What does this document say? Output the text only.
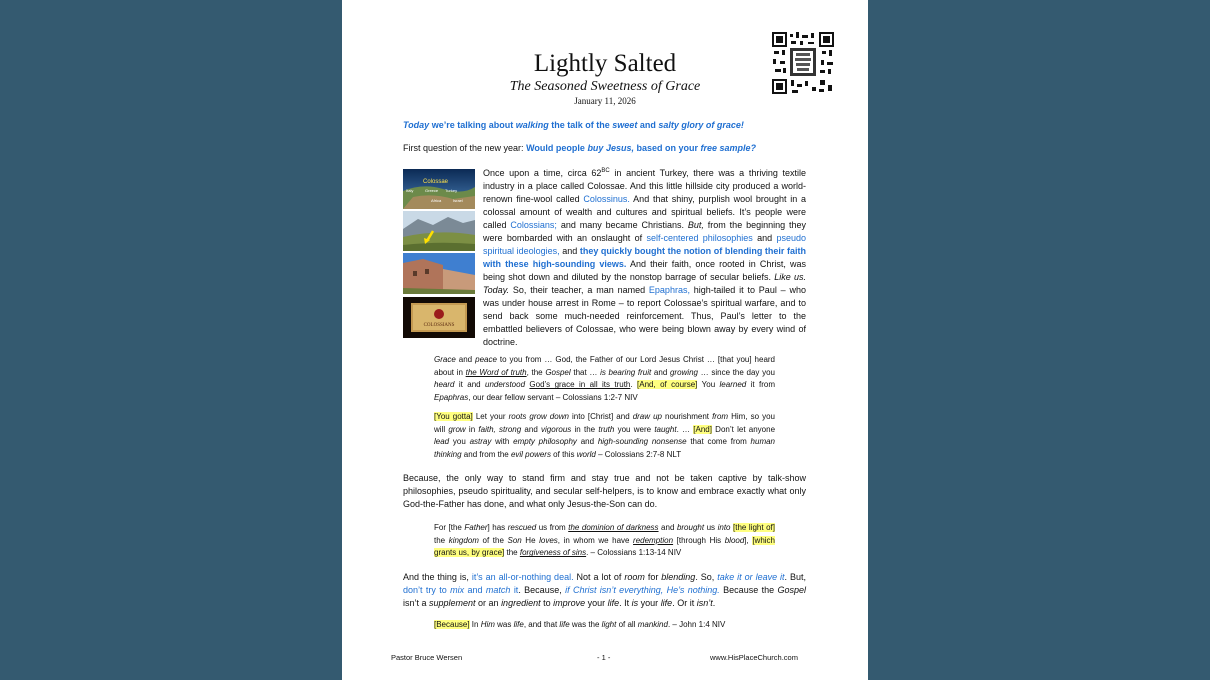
Lightly Salted
The Seasoned Sweetness of Grace
January 11, 2026
Today we’re talking about walking the talk of the sweet and salty glory of grace!
First question of the new year: Would people buy Jesus, based on your free sample?
Colossae
Italy	Greece Turkey
Africa	Israel
COLOSSIANS
Once upon a time, circa $62^{BC}$ in ancient Turkey, there was a thriving textile industry in a place called Colossae. And this little hillside city produced a world-renown fine-wool called Colossinus. And that shiny, purplish wool brought in a colossal amount of wealth and cultures and spiritual beliefs. It’s people were called Colossians; and many became Christians. But, from the beginning they were bombarded with an onslaught of self-centered philosophies and pseudo spiritual ideologies, and they quickly bought the notion of blending their faith with these high-sounding views. And their faith, once rooted in Christ, was being shot down and diluted by the nonstop barrage of secular beliefs. Like us. Today. So, their teacher, a man named Epaphras, high-tailed it to Paul – who was under house arrest in Rome – to report Colossae’s spiritual warfare, and to send back some much-needed reinforcement. Thus, Paul’s letter to the embattled believers of Colossae, who were being blown away by every wind of doctrine.
Grace and peace to you from … God, the Father of our Lord Jesus Christ … [that you] heard about in the Word of truth, the Gospel that … is bearing fruit and growing … since the day you heard it and understood God’s grace in all its truth. [And, of course] You learned it from Epaphras, our dear fellow servant – Colossians 1:2-7 NIV
[You gotta] Let your roots grow down into [Christ] and draw up nourishment from Him, so you will grow in faith, strong and vigorous in the truth you were taught. … [And] Don’t let anyone lead you astray with empty philosophy and high-sounding nonsense that come from human thinking and from the evil powers of this world – Colossians 2:7-8 NLT
Because, the only way to stand firm and stay true and not be taken captive by talk-show philosophies, pseudo spirituality, and secular self-helpers, is to know and embrace exactly what only God-the-Father has done, and what only Jesus-the-Son can do.
For [the Father] has rescued us from the dominion of darkness and brought us into [the light of] the kingdom of the Son He loves, in whom we have redemption [through His blood], [which grants us, by grace] the forgiveness of sins. – Colossians 1:13-14 NIV
And the thing is, it’s an all-or-nothing deal. Not a lot of room for blending. So, take it or leave it. But, don’t try to mix and match it. Because, if Christ isn’t everything, He’s nothing. Because the Gospel isn’t a supplement or an ingredient to improve your life. It is your life. Or it isn’t.
[Because] In Him was life, and that life was the light of all mankind. – John 1:4 NIV
Pastor Bruce Wersen	- 1 -	www.HisPlaceChurch.com
